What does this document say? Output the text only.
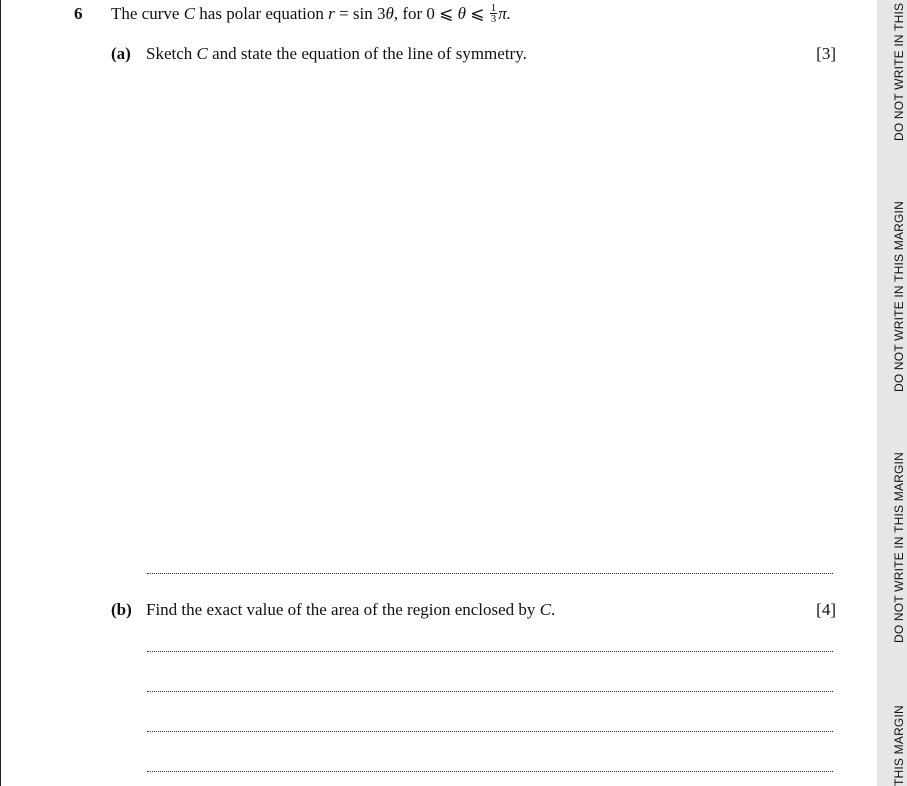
6 The curve C has polar equation r = sin 3θ, for 0 ⩽ θ ⩽ $\frac{1}{3} \pi$.
(a) Sketch C and state the equation of the line of symmetry.	[3]
(b) Find the exact value of the area of the region enclosed by C.	[4]
DO NOT WRITE IN THIS
DO NOT WRITE IN THIS MARGIN
DO NOT WRITE IN THIS MARGIN
THIS MARGIN
